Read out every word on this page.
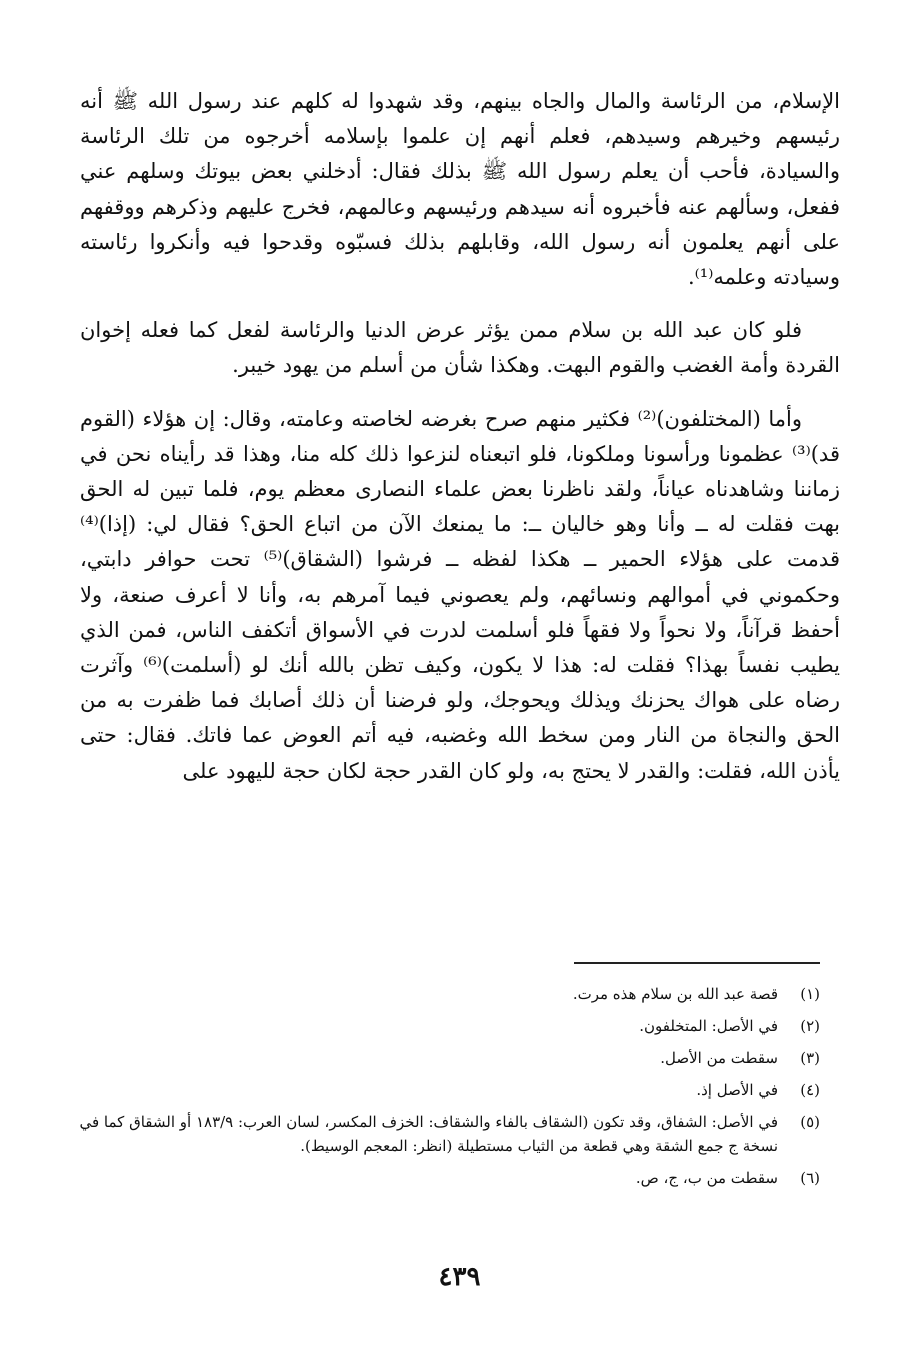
الإسلام، من الرئاسة والمال والجاه بينهم، وقد شهدوا له كلهم عند رسول الله ﷺ أنه رئيسهم وخيرهم وسيدهم، فعلم أنهم إن علموا بإسلامه أخرجوه من تلك الرئاسة والسيادة، فأحب أن يعلم رسول الله ﷺ بذلك فقال: أدخلني بعض بيوتك وسلهم عني ففعل، وسألهم عنه فأخبروه أنه سيدهم ورئيسهم وعالمهم، فخرج عليهم وذكرهم ووقفهم على أنهم يعلمون أنه رسول الله، وقابلهم بذلك فسبّوه وقدحوا فيه وأنكروا رئاسته وسيادته وعلمه⁽¹⁾.

فلو كان عبد الله بن سلام ممن يؤثر عرض الدنيا والرئاسة لفعل كما فعله إخوان القردة وأمة الغضب والقوم البهت. وهكذا شأن من أسلم من يهود خيبر.

وأما (المختلفون)⁽²⁾ فكثير منهم صرح بغرضه لخاصته وعامته، وقال: إن هؤلاء (القوم قد)⁽³⁾ عظمونا ورأسونا وملكونا، فلو اتبعناه لنزعوا ذلك كله منا، وهذا قد رأيناه نحن في زماننا وشاهدناه عياناً، ولقد ناظرنا بعض علماء النصارى معظم يوم، فلما تبين له الحق بهت فقلت له ــ وأنا وهو خاليان ــ: ما يمنعك الآن من اتباع الحق؟ فقال لي: (إذا)⁽⁴⁾ قدمت على هؤلاء الحمير ــ هكذا لفظه ــ فرشوا (الشقاق)⁽⁵⁾ تحت حوافر دابتي، وحكموني في أموالهم ونسائهم، ولم يعصوني فيما آمرهم به، وأنا لا أعرف صنعة، ولا أحفظ قرآناً، ولا نحواً ولا فقهاً فلو أسلمت لدرت في الأسواق أتكفف الناس، فمن الذي يطيب نفساً بهذا؟ فقلت له: هذا لا يكون، وكيف تظن بالله أنك لو (أسلمت)⁽⁶⁾ وآثرت رضاه على هواك يحزنك ويذلك ويحوجك، ولو فرضنا أن ذلك أصابك فما ظفرت به من الحق والنجاة من النار ومن سخط الله وغضبه، فيه أتم العوض عما فاتك. فقال: حتى يأذن الله، فقلت: والقدر لا يحتج به، ولو كان القدر حجة لكان حجة لليهود على

(١)
قصة عبد الله بن سلام هذه مرت.
(٢)
في الأصل: المتخلفون.
(٣)
سقطت من الأصل.
(٤)
في الأصل إذ.
(٥)
في الأصل: الشفاق، وقد تكون (الشقاف بالفاء والشقاف: الخزف المكسر، لسان العرب: ١٨٣/٩ أو الشقاق كما في نسخة ج جمع الشقة وهي قطعة من الثياب مستطيلة (انظر: المعجم الوسيط).
(٦)
سقطت من ب، ج، ص.
٤٣٩
